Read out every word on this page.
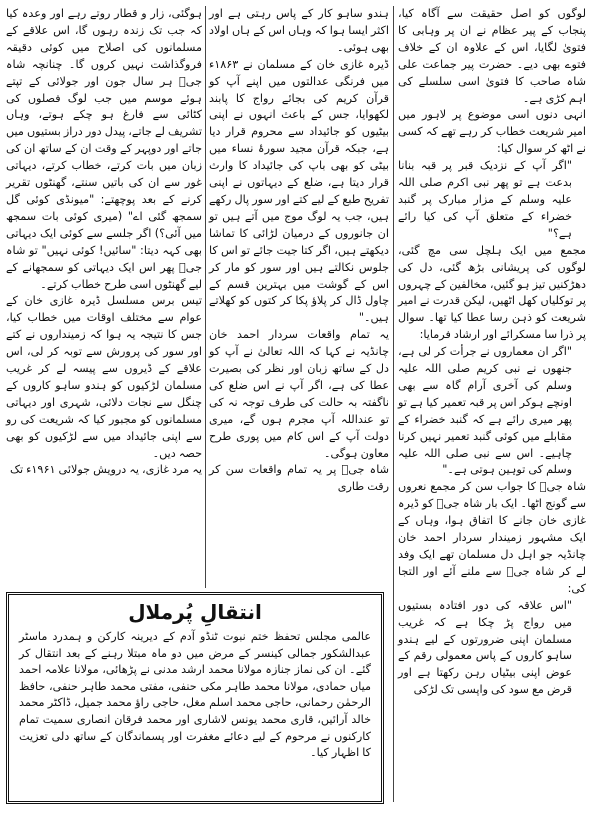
لوگوں کو اصل حقیقت سے آگاہ کیا، پنجاب کے پیر عظام نے ان پر وہابی کا فتویٰ لگایا، اس کے علاوہ ان کے خلاف فتوے بھی دیے۔ حضرت پیر جماعت علی شاہ صاحب کا فتویٰ اسی سلسلے کی اہم کڑی ہے۔

انہی دنوں اسی موضوع پر لاہور میں امیر شریعت خطاب کر رہے تھے کہ کسی نے اٹھ کر سوال کیا:

"اگر آپ کے نزدیک قبر پر قبہ بنانا بدعت ہے تو پھر نبی اکرم صلی اللہ علیہ وسلم کے مزار مبارک پر گنبد خضراء کے متعلق آپ کی کیا رائے ہے؟"

مجمع میں ایک ہلچل سی مچ گئی، لوگوں کی پریشانی بڑھ گئی، دل کی دھڑکنیں تیز ہو گئیں، مخالفین کے چہروں پر توکلیاں کھل اٹھیں، لیکن قدرت نے امیر شریعت کو ذہن رسا عطا کیا تھا۔ سوال پر ذرا سا مسکرائے اور ارشاد فرمایا:

"اگر ان معماروں نے جرأت کر لی ہے، جنھوں نے نبی کریم صلی اللہ علیہ وسلم کی آخری آرام گاہ سے بھی اونچے ہوکر اس پر قبہ تعمیر کیا ہے تو پھر میری رائے ہے کہ گنبد خضراء کے مقابلے میں کوئی گنبد تعمیر نہیں کرنا چاہیے۔ اس سے نبی صلی اللہ علیہ وسلم کی توہین ہوتی ہے۔"

شاہ جیؒ کا جواب سن کر مجمع نعروں سے گونج اٹھا۔ ایک بار شاہ جیؒ کو ڈیرہ غازی خان جانے کا اتفاق ہوا، وہاں کے ایک مشہور زمیندار سردار احمد خان چانڈیہ جو اہل دل مسلمان تھے ایک وفد لے کر شاہ جیؒ سے ملنے آئے اور التجا کی:

"اس علاقہ کی دور افتادہ بستیوں میں رواج پڑ چکا ہے کہ غریب مسلمان اپنی ضرورتوں کے لیے ہندو ساہو کاروں کے پاس معمولی رقم کے عوض اپنی بیٹیاں رہن رکھتا ہے اور قرض مع سود کی واپسی تک لڑکی

ہندو ساہو کار کے پاس رہتی ہے اور اکثر ایسا ہوا کہ وہاں اس کے ہاں اولاد بھی ہوئی۔

ڈیرہ غازی خان کے مسلمان نے ۱۸۶۳ء میں فرنگی عدالتوں میں اپنے آپ کو قرآن کریم کی بجائے رواج کا پابند لکھوایا، جس کے باعث انہوں نے اپنی بیٹیوں کو جائیداد سے محروم قرار دیا ہے، جبکہ قرآن مجید سورۂ نساء میں بیٹی کو بھی باپ کی جائیداد کا وارث قرار دیتا ہے، ضلع کے دیہاتوں نے اپنی تفریح طبع کے لیے کتے اور سور پال رکھے ہیں، جب یہ لوگ موج میں آتے ہیں تو ان جانوروں کے درمیان لڑائی کا تماشا دیکھتے ہیں، اگر کتا جیت جائے تو اس کا جلوس نکالتے ہیں اور سور کو مار کر اس کے گوشت میں بہترین قسم کے چاول ڈال کر پلاؤ پکا کر کتوں کو کھلاتے ہیں۔"

یہ تمام واقعات سردار احمد خان چانڈیہ نے کہا کہ اللہ تعالیٰ نے آپ کو دل کے ساتھ زبان اور نظر کی بصیرت عطا کی ہے، اگر آپ نے اس ضلع کی ناگفتہ بہ حالت کی طرف توجہ نہ کی تو عنداللہ آپ مجرم ہوں گے، میری دولت آپ کے اس کام میں پوری طرح معاون ہوگی۔

شاہ جیؒ پر یہ تمام واقعات سن کر رقت طاری

ہوگئی، زار و قطار روتے رہے اور وعدہ کیا کہ جب تک زندہ رہوں گا، اس علاقے کے مسلمانوں کی اصلاح میں کوئی دقیقہ فروگذاشت نہیں کروں گا۔ چنانچہ شاہ جیؒ ہر سال جون اور جولائی کے تپتے ہوئے موسم میں جب لوگ فصلوں کی کٹائی سے فارغ ہو چکے ہوتے، وہاں تشریف لے جاتے، پیدل دور دراز بستیوں میں جاتے اور دوپہر کے وقت ان کے ساتھ ان کی زبان میں بات کرتے، خطاب کرتے، دیہاتی غور سے ان کی باتیں سنتے، گھنٹوں تقریر کرنے کے بعد پوچھتے: "میونڈی کوئی گل سمجھ گئی اے" (میری کوئی بات سمجھ میں آئی؟) اگر جلسے سے کوئی ایک دیہاتی بھی کہہ دیتا: "سائیں! کوئی نہیں" تو شاہ جیؒ پھر اس ایک دیہاتی کو سمجھانے کے لیے گھنٹوں اسی طرح خطاب کرتے۔

تیس برس مسلسل ڈیرہ غازی خان کے عوام سے مختلف اوقات میں خطاب کیا، جس کا نتیجہ یہ ہوا کہ زمینداروں نے کتے اور سور کی پرورش سے توبہ کر لی، اس علاقے کے ڈیروں سے پیسہ لے کر غریب مسلمان لڑکیوں کو ہندو ساہو کاروں کے چنگل سے نجات دلائی، شہری اور دیہاتی مسلمانوں کو مجبور کیا کہ شریعت کی رو سے اپنی جائیداد میں سے لڑکیوں کو بھی حصہ دیں۔

یہ مرد غازی، یہ درویش جولائی ۱۹۶۱ء تک

انتقالِ پُرملال

عالمی مجلس تحفظ ختم نبوت ٹنڈو آدم کے دیرینہ کارکن و ہمدرد ماسٹر عبدالشکور جمالی کینسر کے مرض میں دو ماہ مبتلا رہنے کے بعد انتقال کر گئے۔ ان کی نماز جنازہ مولانا محمد ارشد مدنی نے پڑھائی، مولانا علامہ احمد میاں حمادی، مولانا محمد طاہر مکی حنفی، مفتی محمد طاہر حنفی، حافظ الرحمٰن رحمانی، حاجی محمد اسلم مغل، حاجی راؤ محمد جمیل، ڈاکٹر محمد خالد آرائیں، قاری محمد یونس لاشاری اور محمد فرقان انصاری سمیت تمام کارکنوں نے مرحوم کے لیے دعائے مغفرت اور پسماندگان کے ساتھ دلی تعزیت کا اظہار کیا۔
